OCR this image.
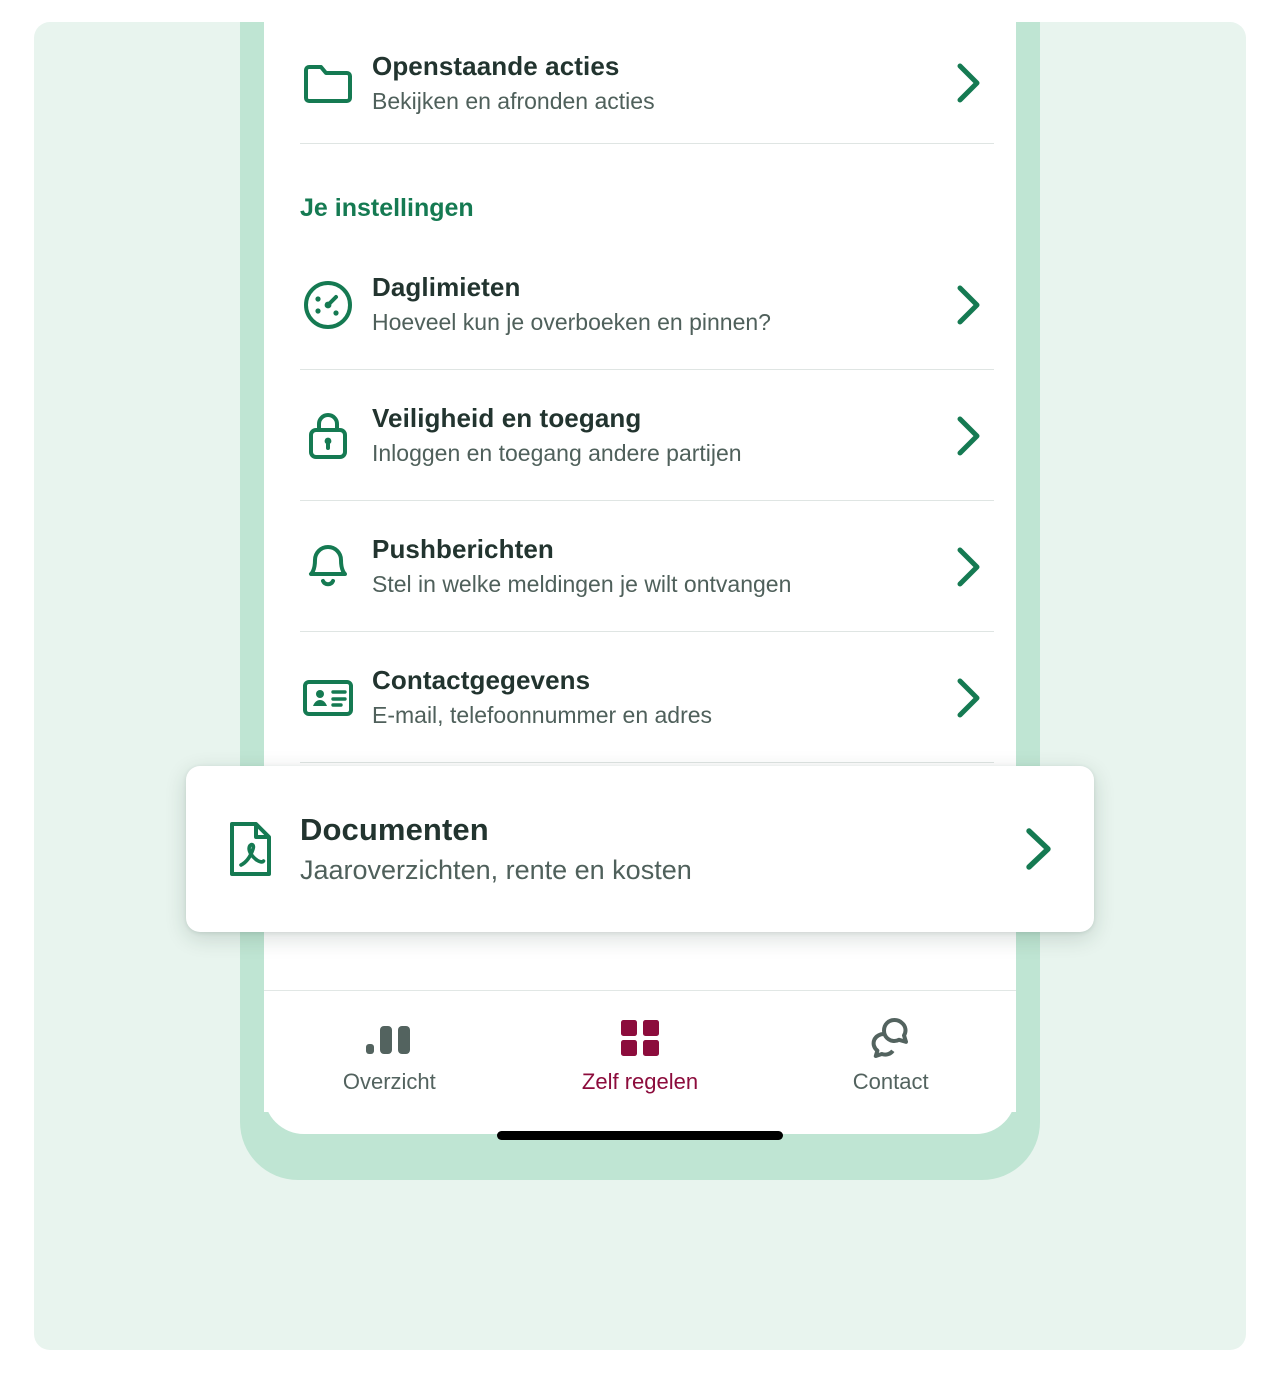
Openstaande acties
Bekijken en afronden acties
Je instellingen
Daglimieten
Hoeveel kun je overboeken en pinnen?
Veiligheid en toegang
Inloggen en toegang andere partijen
Pushberichten
Stel in welke meldingen je wilt ontvangen
Contactgegevens
E-mail, telefoonnummer en adres
Documenten
Jaaroverzichten, rente en kosten
Overzicht	Zelf regelen	Contact
